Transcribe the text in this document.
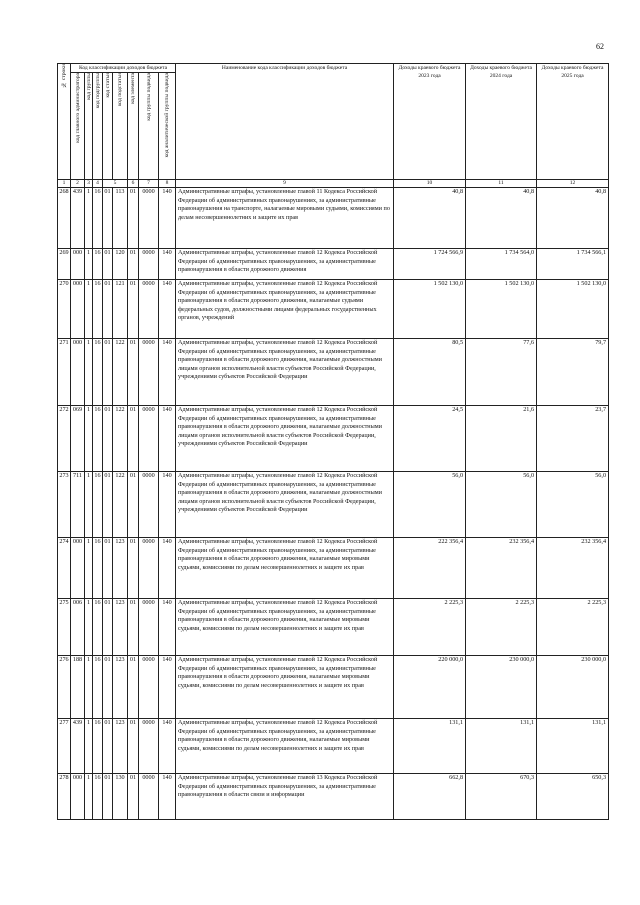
62
№ строки	Код классификации доходов бюджета								Наименование кода классификации доходов бюджета	Доходы краевого бюджета 2023 года	Доходы краевого бюджета 2024 года	Доходы краевого бюджета 2025 года

	код главного администратора	код группы	код подгруппы	код статьи	код подстатьи	код элемента	код группы подвида	код аналитической группы подвида				

1	2	3	4	5		6	7	8	9	10	11	12
268	439	1	16	01	113	01	0000	140	Административные штрафы, установленные главой 11 Кодекса Российской Федерации об административных правонарушениях, за административные правонарушения на транспорте, налагаемые мировыми судьями, комиссиями по делам несовершеннолетних и защите их прав	40,8	40,8	40,8
269	000	1	16	01	120	01	0000	140	Административные штрафы, установленные главой 12 Кодекса Российской Федерации об административных правонарушениях, за административные правонарушения в области дорожного движения	1 724 566,9	1 734 564,0	1 734 566,1
270	000	1	16	01	121	01	0000	140	Административные штрафы, установленные главой 12 Кодекса Российской Федерации об административных правонарушениях, за административные правонарушения в области дорожного движения, налагаемые судьями федеральных судов, должностными лицами федеральных государственных органов, учреждений	1 502 130,0	1 502 130,0	1 502 130,0
271	000	1	16	01	122	01	0000	140	Административные штрафы, установленные главой 12 Кодекса Российской Федерации об административных правонарушениях, за административные правонарушения в области дорожного движения, налагаемые должностными лицами органов исполнительной власти субъектов Российской Федерации, учреждениями субъектов Российской Федерации	80,5	77,6	79,7
272	069	1	16	01	122	01	0000	140	Административные штрафы, установленные главой 12 Кодекса Российской Федерации об административных правонарушениях, за административные правонарушения в области дорожного движения, налагаемые должностными лицами органов исполнительной власти субъектов Российской Федерации, учреждениями субъектов Российской Федерации	24,5	21,6	23,7
273	711	1	16	01	122	01	0000	140	Административные штрафы, установленные главой 12 Кодекса Российской Федерации об административных правонарушениях, за административные правонарушения в области дорожного движения, налагаемые должностными лицами органов исполнительной власти субъектов Российской Федерации, учреждениями субъектов Российской Федерации	56,0	56,0	56,0
274	000	1	16	01	123	01	0000	140	Административные штрафы, установленные главой 12 Кодекса Российской Федерации об административных правонарушениях, за административные правонарушения в области дорожного движения, налагаемые мировыми судьями, комиссиями по делам несовершеннолетних и защите их прав	222 356,4	232 356,4	232 356,4
275	006	1	16	01	123	01	0000	140	Административные штрафы, установленные главой 12 Кодекса Российской Федерации об административных правонарушениях, за административные правонарушения в области дорожного движения, налагаемые мировыми судьями, комиссиями по делам несовершеннолетних и защите их прав	2 225,3	2 225,3	2 225,3
276	188	1	16	01	123	01	0000	140	Административные штрафы, установленные главой 12 Кодекса Российской Федерации об административных правонарушениях, за административные правонарушения в области дорожного движения, налагаемые мировыми судьями, комиссиями по делам несовершеннолетних и защите их прав	220 000,0	230 000,0	230 000,0
277	439	1	16	01	123	01	0000	140	Административные штрафы, установленные главой 12 Кодекса Российской Федерации об административных правонарушениях, за административные правонарушения в области дорожного движения, налагаемые мировыми судьями, комиссиями по делам несовершеннолетних и защите их прав	131,1	131,1	131,1
278	000	1	16	01	130	01	0000	140	Административные штрафы, установленные главой 13 Кодекса Российской Федерации об административных правонарушениях, за административные правонарушения в области связи и информации	662,8	670,3	650,3
